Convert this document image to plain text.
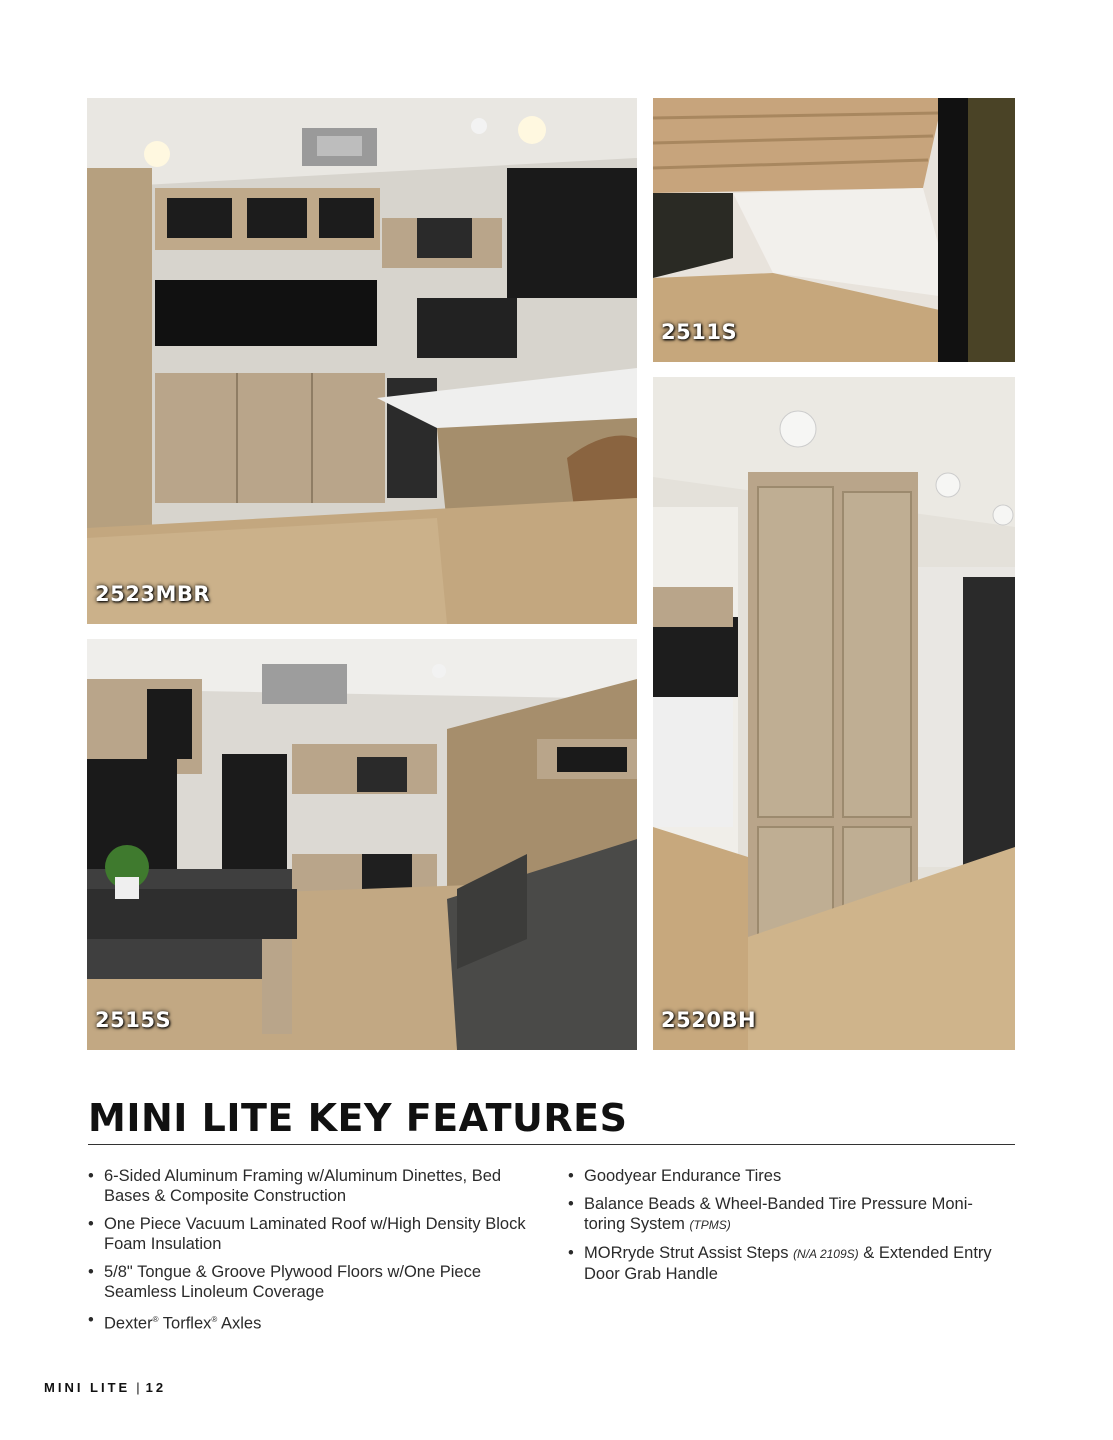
2523MBR
2511S
2520BH
2515S
MINI LITE KEY FEATURES
• 6-Sided Aluminum Framing w/Aluminum Dinettes, Bed Bases & Composite Construction
• One Piece Vacuum Laminated Roof w/High Density Block Foam Insulation
• 5/8" Tongue & Groove Plywood Floors w/One Piece Seamless Linoleum Coverage
• Dexter® Torflex® Axles
• Goodyear Endurance Tires
• Balance Beads & Wheel-Banded Tire Pressure Moni-toring System (TPMS)
• MORryde Strut Assist Steps (N/A 2109S) & Extended Entry Door Grab Handle
MINI LITE | 12
